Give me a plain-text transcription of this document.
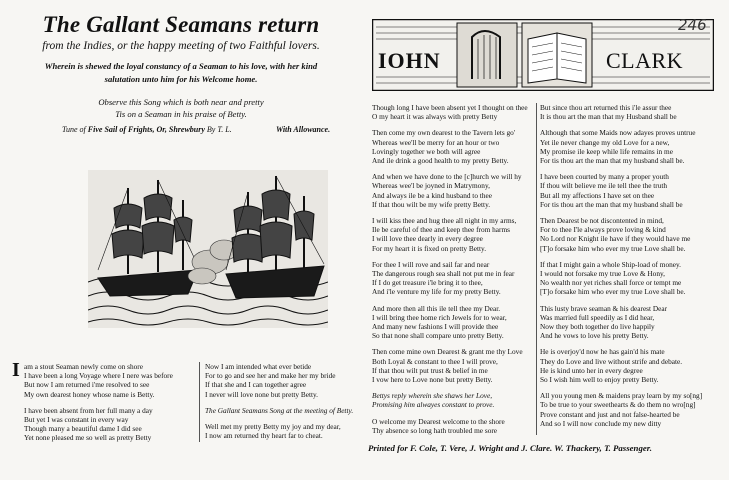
The Gallant Seamans return
from the Indies, or the happy meeting of two Faithful lovers.
Wherein is shewed the loyal constancy of a Seaman to his love, with her kind
salutation unto him for his Welcome home.
Observe this Song which is both near and pretty
Tis on a Seaman in his praise of Betty.
Tune of Five Sail of Frights, Or, Shrewbury By T. L.	With Allowance.
I am a stout Seaman newly come on shore
I have been a long Voyage where I nere was before
But now I am returned i'me resolved to see
My own dearest honey whose name is Betty.
I have been absent from her full many a day
But yet I was constant in every way
Though many a beautiful dame I did see
Yet none pleased me so well as pretty Betty
Now I am intended what ever betide
For to go and see her and make her my bride
If that she and I can together agree
I never will love none but pretty Betty.
The Gallant Seamans Song at the meeting of Betty.
Well met my pretty Betty my joy and my dear,
I now am returned thy heart far to cheat.
IOHN	CLARK
246
Though long I have been absent yet I thought on thee
O my heart it was always with pretty Betty
Then come my own dearest to the Tavern lets go'
Whereas wee'll be merry for an hour or two
Lovingly together we both will agree
And ile drink a good health to my pretty Betty.
And when we have done to the [c]hurch we will hy
Whereas wee'l be joyned in Matrymony,
And always ile be a kind husband to thee
If that thou wilt be my wife pretty Betty.
I will kiss thee and hug thee all night in my arms,
Ile be careful of thee and keep thee from harms
I will love thee dearly in every degree
For my heart it is fixed on pretty Betty.
For thee I will rove and sail far and near
The dangerous rough sea shall not put me in fear
If I do get treasure i'le bring it to thee,
And i'le venture my life for my pretty Betty.
And more then all this ile tell thee my Dear.
I will bring thee home rich Jewels for to wear,
And many new fashions I will provide thee
So that none shall compare unto pretty Betty.
Then come mine own Dearest & grant me thy Love
Both Loyal & constant to thee I will prove,
If that thou wilt put trust & belief in me
I vow here to Love none but pretty Betty.
Bettys reply wherein she shaws her Love,
Promising him alwayes constant to prove.
O welcome my Dearest welcome to the shore
Thy absence so long hath troubled me sore
But since thou art returned this i'le assur thee
It is thou art the man that my Husband shall be
Although that some Maids now adayes proves untrue
Yet ile never change my old Love for a new,
My promise ile keep while life remains in me
For tis thou art the man that my husband shall be.
I have been courted by many a proper youth
If thou wilt believe me ile tell thee the truth
But all my affections I have set on thee
For tis thou art the man that my husband shall be
Then Dearest be not discontented in mind,
For to thee I'le always prove loving & kind
No Lord nor Knight ile have if they would have me
[T]o forsake him who ever my true Love shall be.
If that I might gain a whole Ship-load of money.
I would not forsake my true Love & Hony,
No wealth nor yet riches shall force or tempt me
[T]o forsake him who ever my true Love shall be.
This lusty brave seaman & his dearest Dear
Was married full speedily as I did hear,
Now they both together do live happily
And he vows to love his pretty Betty.
He is overjoy'd now he has gain'd his mate
They do Love and live without strife and debate.
He is kind unto her in every degree
So I wish him well to enjoy pretty Betty.
All you young men & maidens pray learn by my so[ng]
To be true to your sweethearts & do them no wro[ng]
Prove constant and just and not false-hearted be
And so I will now conclude my new ditty
Printed for F. Cole, T. Vere, J. Wright and J. Clare. W. Thackery, T. Passenger.
